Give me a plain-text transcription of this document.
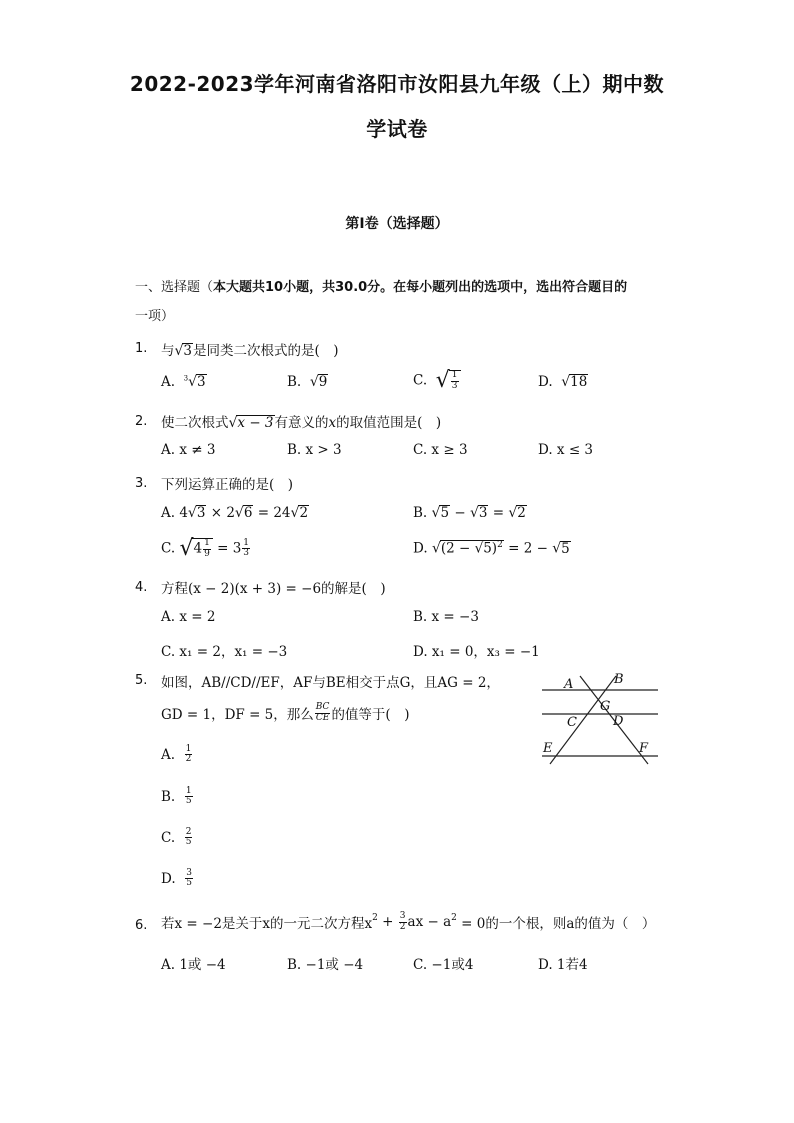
2022-2023学年河南省洛阳市汝阳县九年级（上）期中数
学试卷
第Ⅰ卷（选择题）
一、选择题（本大题共10小题，共30.0分。在每小题列出的选项中，选出符合题目的
一项）
1. 与√3是同类二次根式的是(　)
A. $^3$√3	B. √9	C. √ $\frac{1}{3}$	D. √18
2. 使二次根式√x − 3有意义的x的取值范围是(　)
A. x ≠ 3	B. x > 3	C. x ≥ 3	D. x ≤ 3
3. 下列运算正确的是(　)
A. 4√3 × 2√6 = 24√2	B. √5 − √3 = √2
C. $√4 \frac{1}{9} = 3 \frac{1}{3}$	D. $√(2 - √5)^2 = 2 - √5$
4. 方程(x − 2)(x + 3) = −6的解是(　)
A. x = 2	B. x = −3
C. x₁ = 2，x₁ = −3	D. x₁ = 0，x₃ = −1
5. 如图，AB//CD//EF，AF与BE相交于点G，且AG = 2，
GD = 1，DF = 5，那么 $\frac{BC}{CE}$ 的值等于(　)
A. $\frac{1}{2}$
B. $\frac{1}{5}$
C. $\frac{2}{5}$
D. $\frac{3}{5}$
A	B
C	D
E	F
G
6. 若x = −2是关于x的一元二次方程$x^2 + \frac{3}{2}$ ax − $a^2 = 0$的一个根，则a的值为（　）
A. 1或 −4	B. −1或 −4	C. −1或4	D. 1若4
